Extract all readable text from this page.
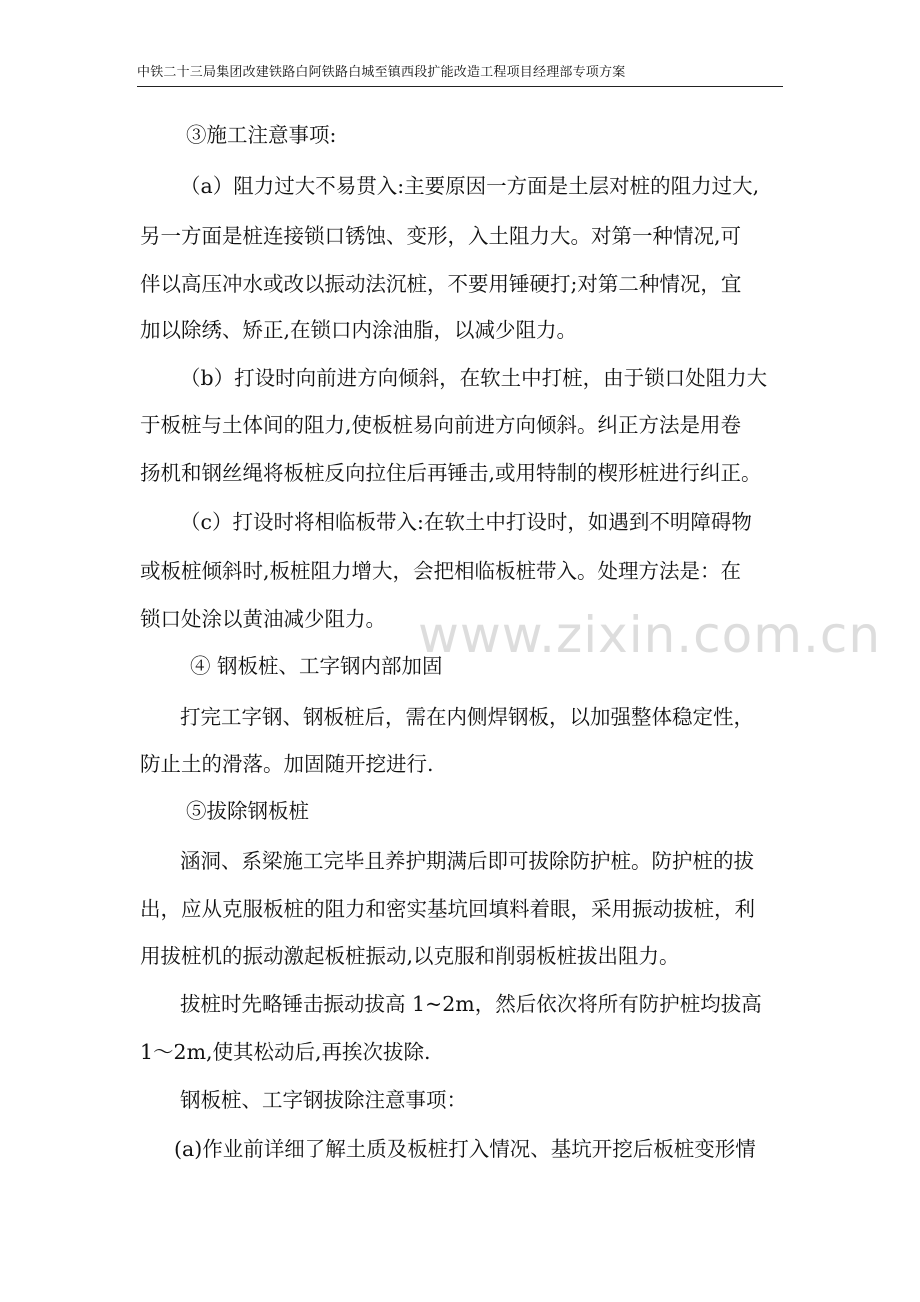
中铁二十三局集团改建铁路白阿铁路白城至镇西段扩能改造工程项目经理部专项方案
③施工注意事项:
（a）阻力过大不易贯入:主要原因一方面是土层对桩的阻力过大,
另一方面是桩连接锁口锈蚀、变形，入土阻力大。对第一种情况,可
伴以高压冲水或改以振动法沉桩，不要用锤硬打;对第二种情况，宜
加以除绣、矫正,在锁口内涂油脂，以减少阻力。
（b）打设时向前进方向倾斜，在软土中打桩，由于锁口处阻力大
于板桩与土体间的阻力,使板桩易向前进方向倾斜。纠正方法是用卷
扬机和钢丝绳将板桩反向拉住后再锤击,或用特制的楔形桩进行纠正。
（c）打设时将相临板带入:在软土中打设时，如遇到不明障碍物
或板桩倾斜时,板桩阻力增大，会把相临板桩带入。处理方法是：在
锁口处涂以黄油减少阻力。 www.zixin.com.cn
④ 钢板桩、工字钢内部加固
打完工字钢、钢板桩后，需在内侧焊钢板，以加强整体稳定性，
防止土的滑落。加固随开挖进行.
⑤拔除钢板桩
涵洞、系梁施工完毕且养护期满后即可拔除防护桩。防护桩的拔
出，应从克服板桩的阻力和密实基坑回填料着眼，采用振动拔桩，利
用拔桩机的振动激起板桩振动,以克服和削弱板桩拔出阻力。
拔桩时先略锤击振动拔高 1~2m，然后依次将所有防护桩均拔高
1～2m,使其松动后,再挨次拔除.
钢板桩、工字钢拔除注意事项：
(a)作业前详细了解土质及板桩打入情况、基坑开挖后板桩变形情
